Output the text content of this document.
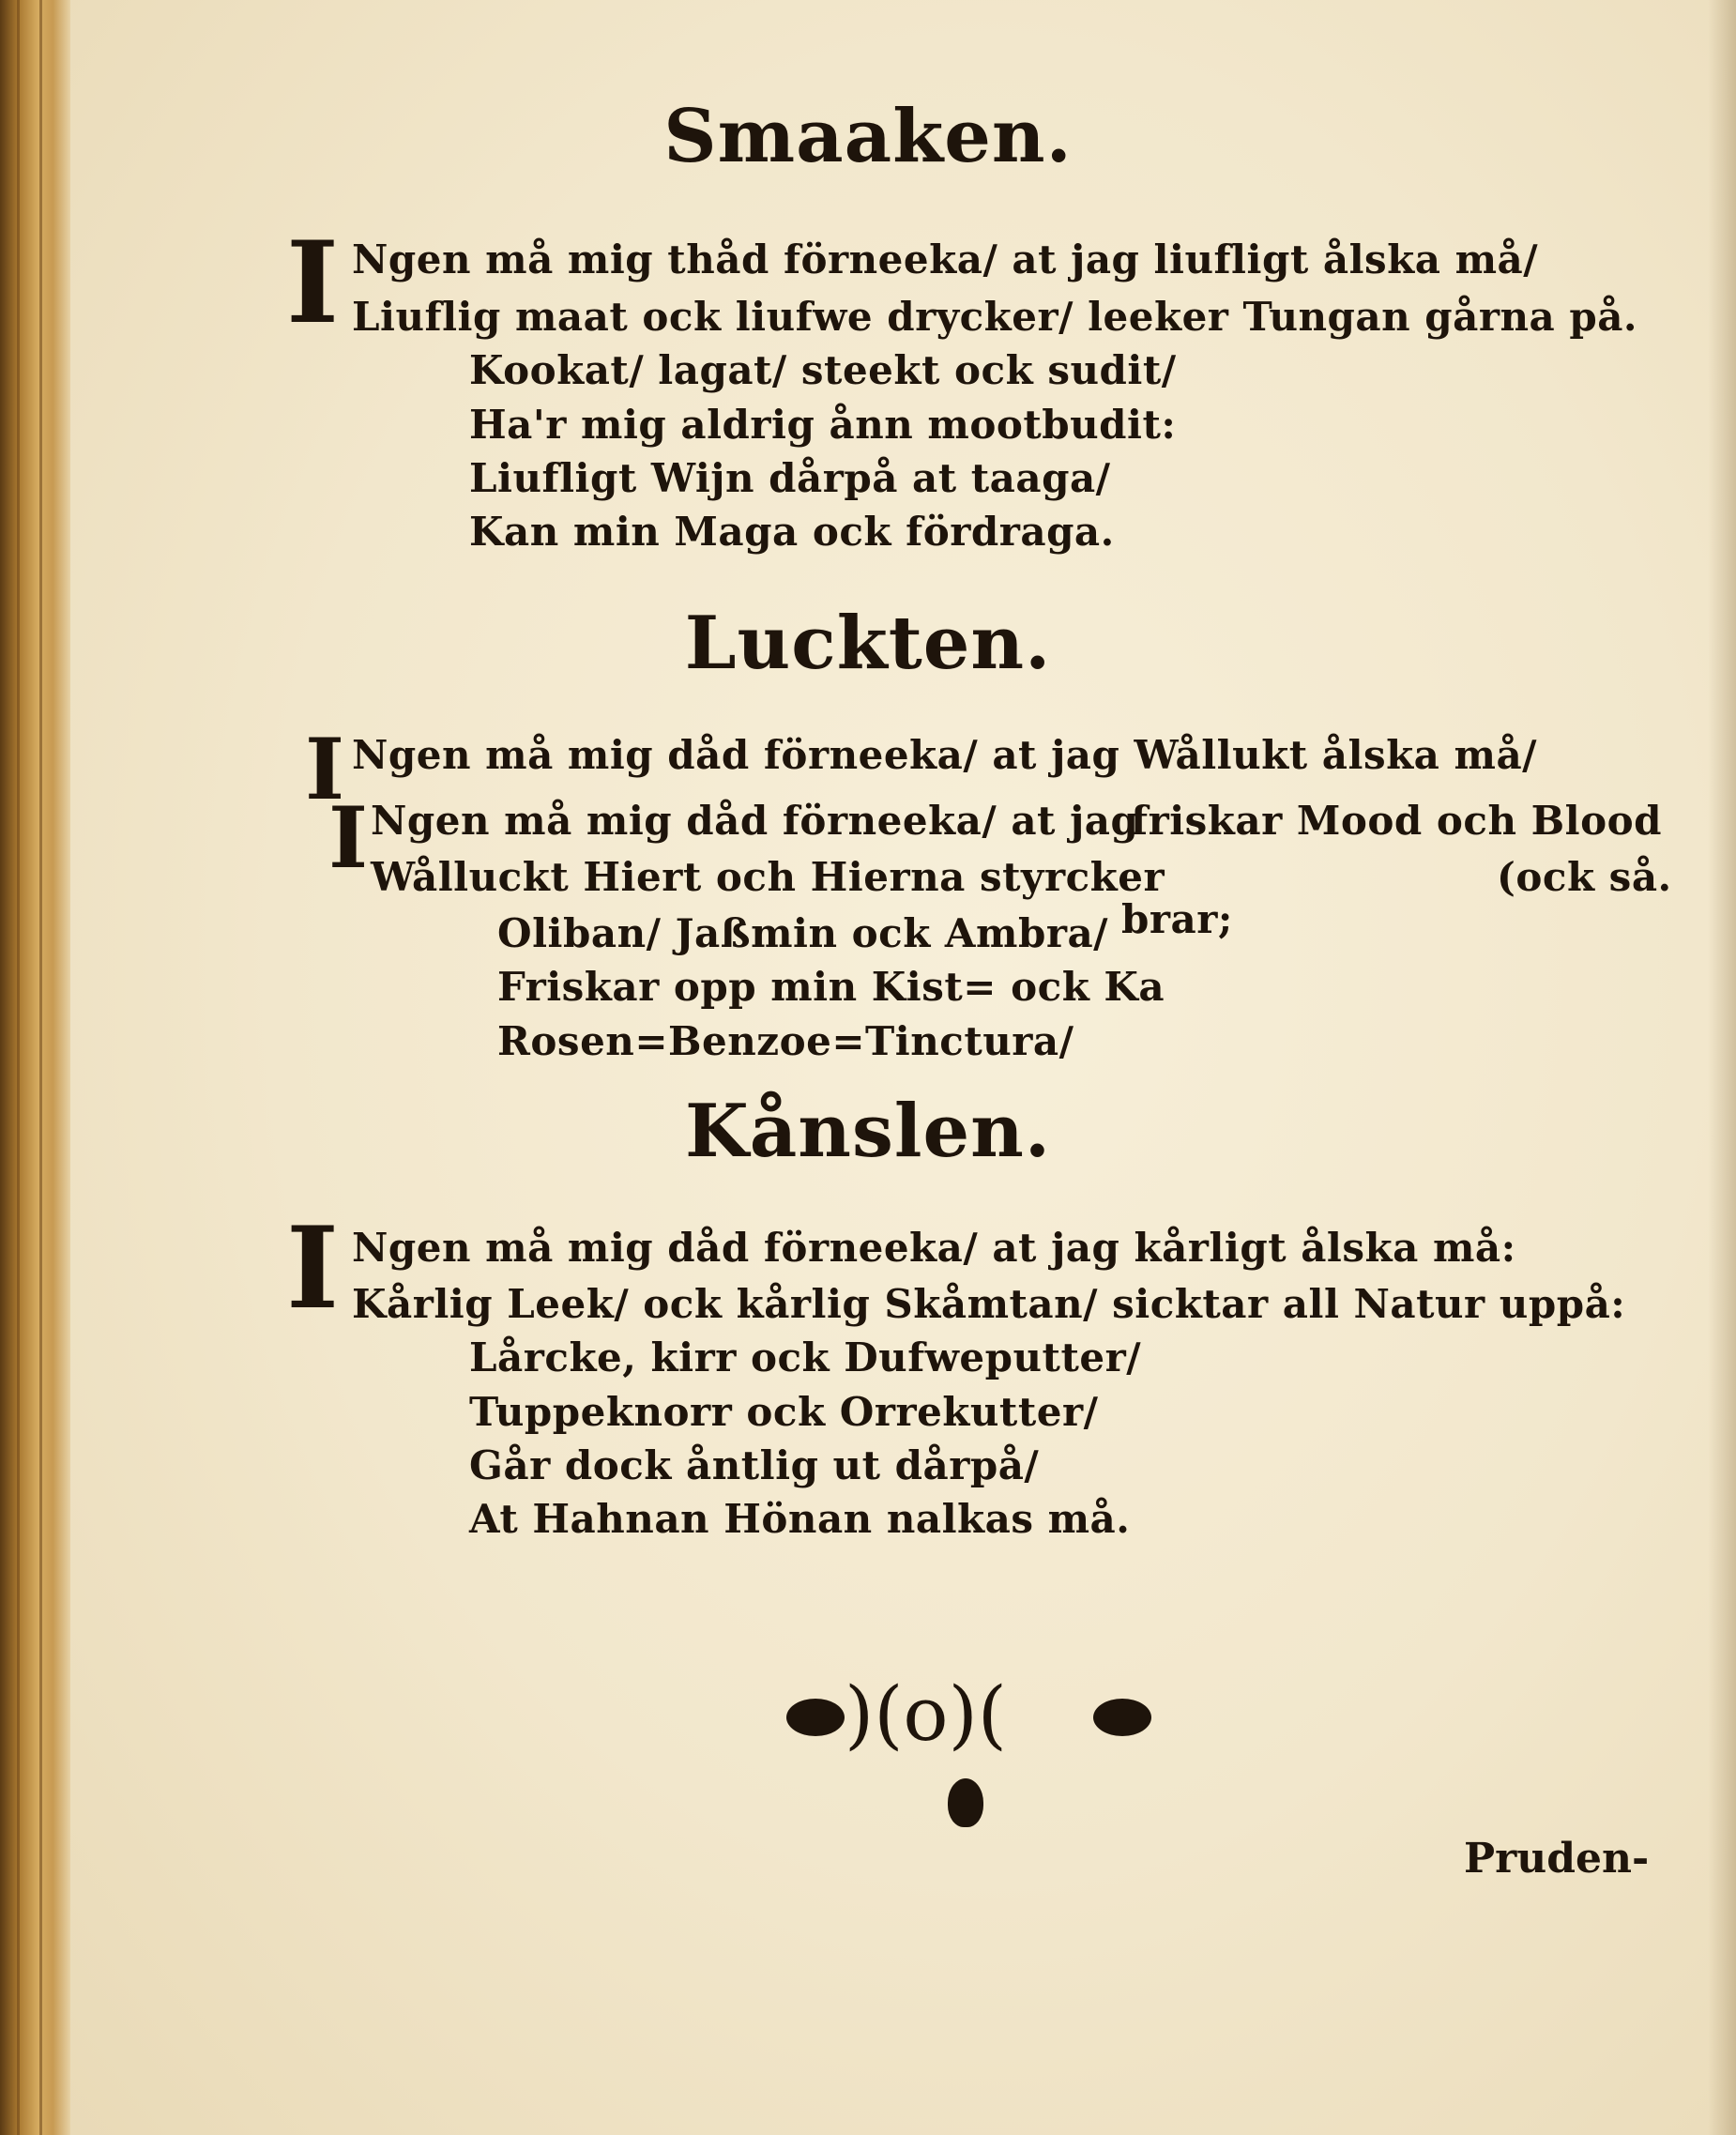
Smaaken.
I Ngen må mig thåd förneeka/ at jag liufligt ålska må/
Liuflig maat ock liufwe drycker/ leeker Tungan gårna på.
Kookat/ lagat/ steekt ock sudit/
Ha'r mig aldrig ånn mootbudit:
Liufligt Wijn dårpå at taaga/
Kan min Maga ock fördraga.
Luckten.
I Ngen må mig dåd förneeka/ at jag Wållukt ålska må/
I Ngen må mig dåd förneeka/ at jag
friskar Mood och Blood
Wålluckt Hiert och Hierna styrcker	(ock så.
Oliban/ Jaßmin ock Ambra/ brar;
Friskar opp min Kist= ock Ka
Rosen=Benzoe=Tinctura/
Kånslen.
I Ngen må mig dåd förneeka/ at jag kårligt ålska må:
Kårlig Leek/ ock kårlig Skåmtan/ sicktar all Natur uppå:
Lårcke, kirr ock Dufweputter/
Tuppeknorr ock Orrekutter/
Går dock åntlig ut dårpå/
At Hahnan Hönan nalkas må.
)(o)(
Pruden-
